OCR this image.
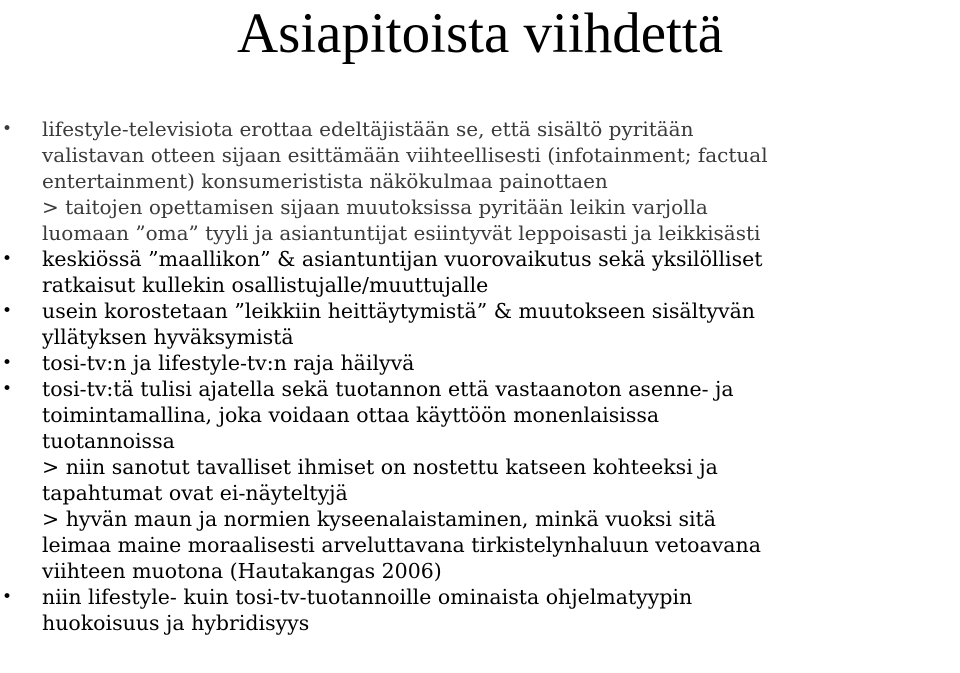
Asiapitoista viihdettä
• lifestyle-televisiota erottaa edeltäjistään se, että sisältö pyritään
valistavan otteen sijaan esittämään viihteellisesti (infotainment; factual
entertainment) konsumeristista näkökulmaa painottaen
> taitojen opettamisen sijaan muutoksissa pyritään leikin varjolla
luomaan ”oma” tyyli ja asiantuntijat esiintyvät leppoisasti ja leikkisästi
• keskiössä ”maallikon” & asiantuntijan vuorovaikutus sekä yksilölliset
ratkaisut kullekin osallistujalle/muuttujalle
• usein korostetaan ”leikkiin heittäytymistä” & muutokseen sisältyvän
yllätyksen hyväksymistä
• tosi-tv:n ja lifestyle-tv:n raja häilyvä
• tosi-tv:tä tulisi ajatella sekä tuotannon että vastaanoton asenne- ja
toimintamallina, joka voidaan ottaa käyttöön monenlaisissa
tuotannoissa
> niin sanotut tavalliset ihmiset on nostettu katseen kohteeksi ja
tapahtumat ovat ei-näyteltyjä
> hyvän maun ja normien kyseenalaistaminen, minkä vuoksi sitä
leimaa maine moraalisesti arveluttavana tirkistelynhaluun vetoavana
viihteen muotona (Hautakangas 2006)
• niin lifestyle- kuin tosi-tv-tuotannoille ominaista ohjelmatyypin
huokoisuus ja hybridisyys
